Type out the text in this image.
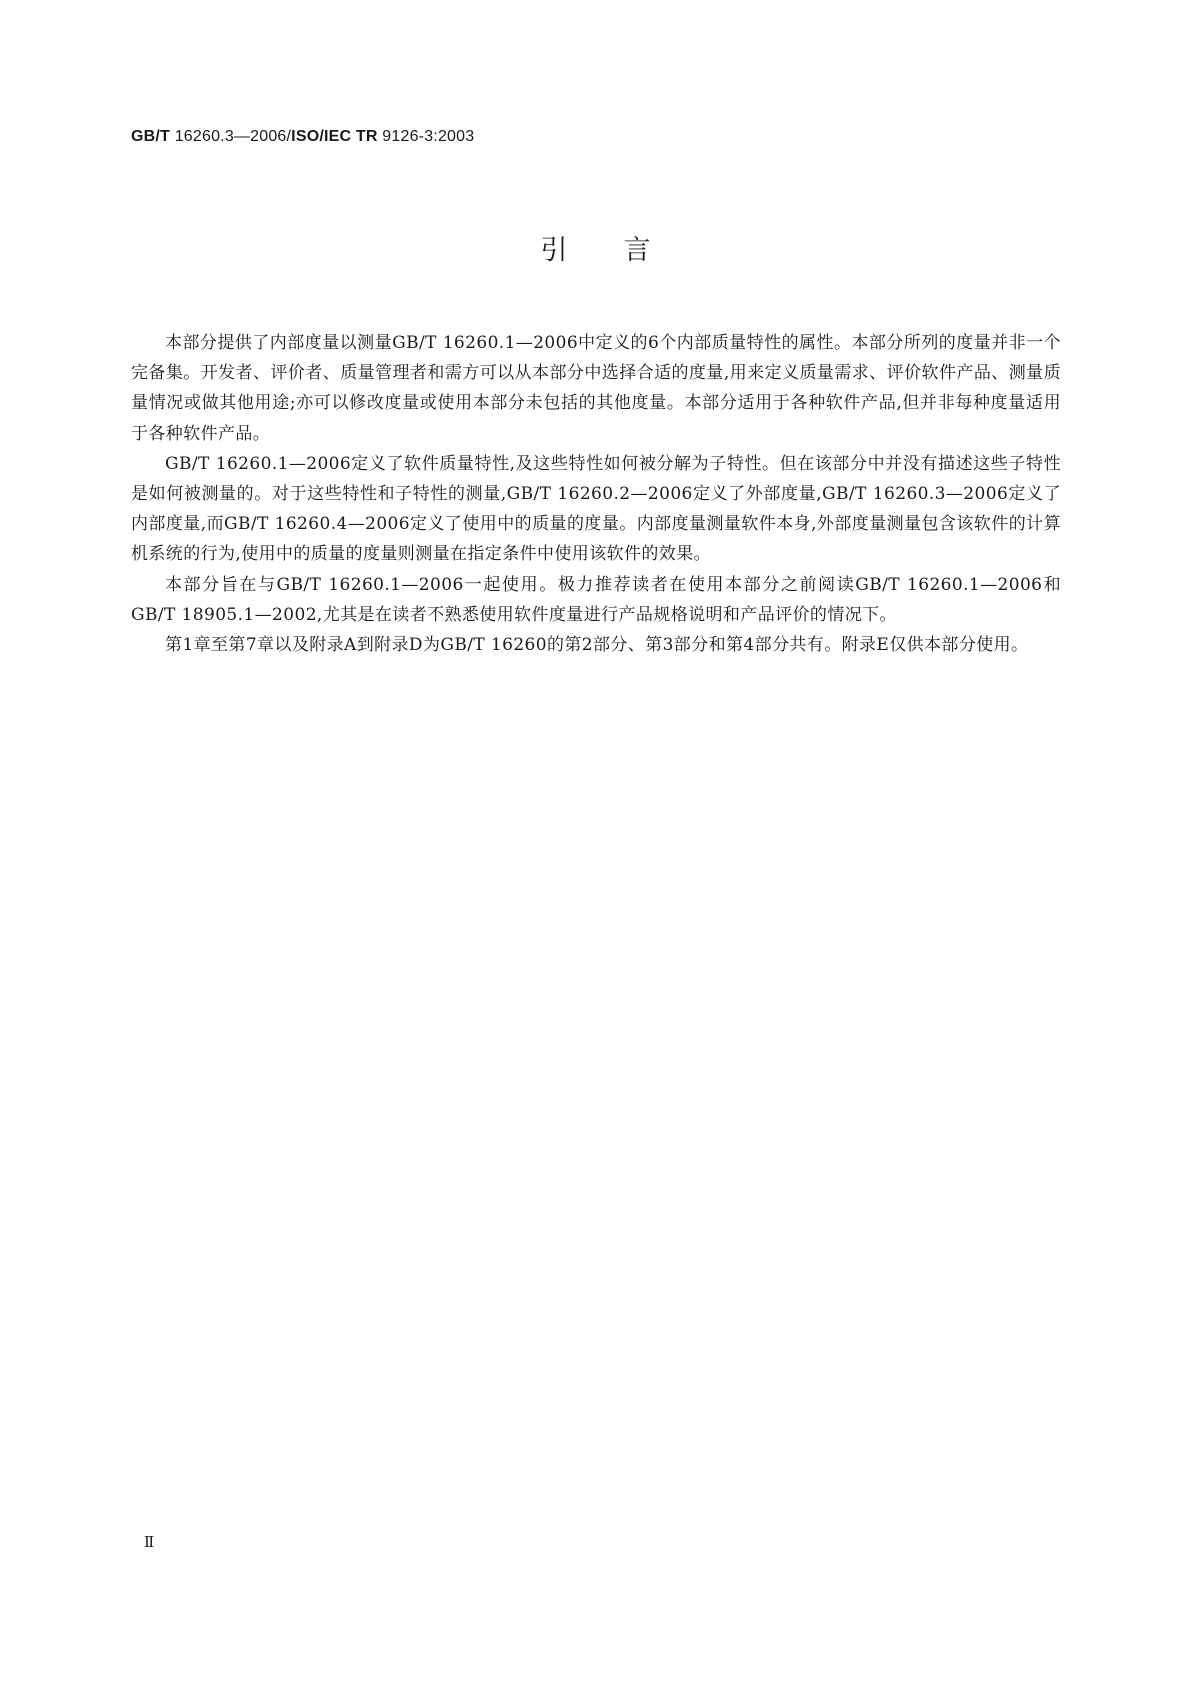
GB/T 16260.3—2006/ISO/IEC TR 9126-3:2003
引言

本部分提供了内部度量以测量GB/T 16260.1—2006中定义的6个内部质量特性的属性。本部分所列的度量并非一个完备集。开发者、评价者、质量管理者和需方可以从本部分中选择合适的度量,用来定义质量需求、评价软件产品、测量质量情况或做其他用途;亦可以修改度量或使用本部分未包括的其他度量。本部分适用于各种软件产品,但并非每种度量适用于各种软件产品。

GB/T 16260.1—2006定义了软件质量特性,及这些特性如何被分解为子特性。但在该部分中并没有描述这些子特性是如何被测量的。对于这些特性和子特性的测量,GB/T 16260.2—2006定义了外部度量,GB/T 16260.3—2006定义了内部度量,而GB/T 16260.4—2006定义了使用中的质量的度量。内部度量测量软件本身,外部度量测量包含该软件的计算机系统的行为,使用中的质量的度量则测量在指定条件中使用该软件的效果。

本部分旨在与GB/T 16260.1—2006一起使用。极力推荐读者在使用本部分之前阅读GB/T 16260.1—2006和GB/T 18905.1—2002,尤其是在读者不熟悉使用软件度量进行产品规格说明和产品评价的情况下。

第1章至第7章以及附录A到附录D为GB/T 16260的第2部分、第3部分和第4部分共有。附录E仅供本部分使用。

Ⅱ
